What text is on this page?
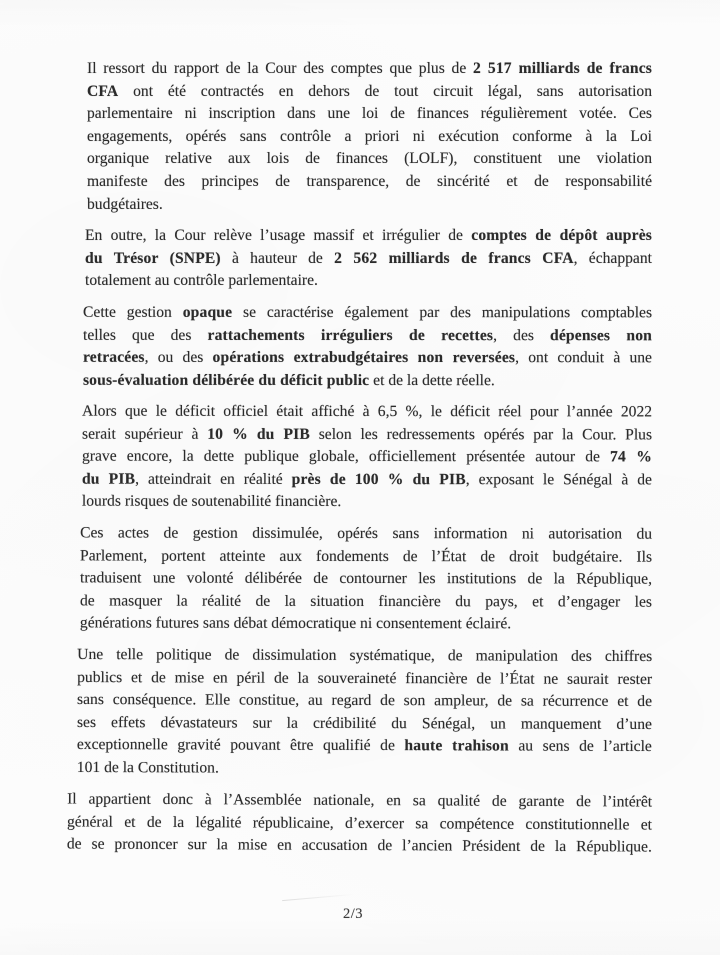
Il ressort du rapport de la Cour des comptes que plus de 2 517 milliards de francs
CFA ont été contractés en dehors de tout circuit légal, sans autorisation
parlementaire ni inscription dans une loi de finances régulièrement votée. Ces
engagements, opérés sans contrôle a priori ni exécution conforme à la Loi
organique relative aux lois de finances (LOLF), constituent une violation
manifeste des principes de transparence, de sincérité et de responsabilité
budgétaires.

En outre, la Cour relève l’usage massif et irrégulier de comptes de dépôt auprès
du Trésor (SNPE) à hauteur de 2 562 milliards de francs CFA, échappant
totalement au contrôle parlementaire.

Cette gestion opaque se caractérise également par des manipulations comptables
telles que des rattachements irréguliers de recettes, des dépenses non
retracées, ou des opérations extrabudgétaires non reversées, ont conduit à une
sous-évaluation délibérée du déficit public et de la dette réelle.

Alors que le déficit officiel était affiché à 6,5 %, le déficit réel pour l’année 2022
serait supérieur à 10 % du PIB selon les redressements opérés par la Cour. Plus
grave encore, la dette publique globale, officiellement présentée autour de 74 %
du PIB, atteindrait en réalité près de 100 % du PIB, exposant le Sénégal à de
lourds risques de soutenabilité financière.

Ces actes de gestion dissimulée, opérés sans information ni autorisation du
Parlement, portent atteinte aux fondements de l’État de droit budgétaire. Ils
traduisent une volonté délibérée de contourner les institutions de la République,
de masquer la réalité de la situation financière du pays, et d’engager les
générations futures sans débat démocratique ni consentement éclairé.

Une telle politique de dissimulation systématique, de manipulation des chiffres
publics et de mise en péril de la souveraineté financière de l’État ne saurait rester
sans conséquence. Elle constitue, au regard de son ampleur, de sa récurrence et de
ses effets dévastateurs sur la crédibilité du Sénégal, un manquement d’une
exceptionnelle gravité pouvant être qualifié de haute trahison au sens de l’article
101 de la Constitution.

Il appartient donc à l’Assemblée nationale, en sa qualité de garante de l’intérêt
général et de la légalité républicaine, d’exercer sa compétence constitutionnelle et
de se prononcer sur la mise en accusation de l’ancien Président de la République.

2/3
